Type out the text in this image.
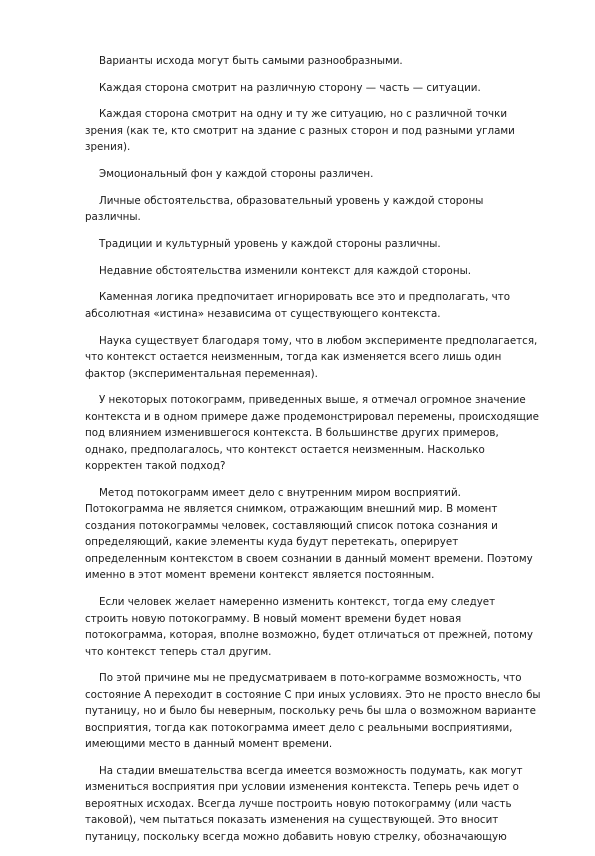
Варианты исхода могут быть самыми разнообразными.

Каждая сторона смотрит на различную сторону — часть — ситуации.

Каждая сторона смотрит на одну и ту же ситуацию, но с различной точки зрения (как те, кто смотрит на здание с разных сторон и под разными углами зрения).

Эмоциональный фон у каждой стороны различен.

Личные обстоятельства, образовательный уровень у каждой стороны различны.

Традиции и культурный уровень у каждой стороны различны.

Недавние обстоятельства изменили контекст для каждой стороны.

Каменная логика предпочитает игнорировать все это и предполагать, что абсолютная «истина» независима от существующего контекста.

Наука существует благодаря тому, что в любом эксперименте предполагается, что контекст остается неизменным, тогда как изменяется всего лишь один фактор (экспериментальная переменная).

У некоторых потокограмм, приведенных выше, я отмечал огромное значение контекста и в одном примере даже продемонстрировал перемены, происходящие под влиянием изменившегося контекста. В большинстве других примеров, однако, предполагалось, что контекст остается неизменным. Насколько корректен такой подход?

Метод потокограмм имеет дело с внутренним миром восприятий. Потокограмма не является снимком, отражающим внешний мир. В момент создания потокограммы человек, составляющий список потока сознания и определяющий, какие элементы куда будут перетекать, оперирует определенным контекстом в своем сознании в данный момент времени. Поэтому именно в этот момент времени контекст является постоянным.

Если человек желает намеренно изменить контекст, тогда ему следует строить новую потокограмму. В новый момент времени будет новая потокограмма, которая, вполне возможно, будет отличаться от прежней, потому что контекст теперь стал другим.

По этой причине мы не предусматриваем в пото-кограмме возможность, что состояние А переходит в состояние С при иных условиях. Это не просто внесло бы путаницу, но и было бы неверным, поскольку речь бы шла о возможном варианте восприятия, тогда как потокограмма имеет дело с реальными восприятиями, имеющими место в данный момент времени.

На стадии вмешательства всегда имеется возможность подумать, как могут измениться восприятия при условии изменения контекста. Теперь речь идет о вероятных исходах. Всегда лучше построить новую потокограмму (или часть таковой), чем пытаться показать изменения на существующей. Это вносит путаницу, поскольку всегда можно добавить новую стрелку, обозначающую
